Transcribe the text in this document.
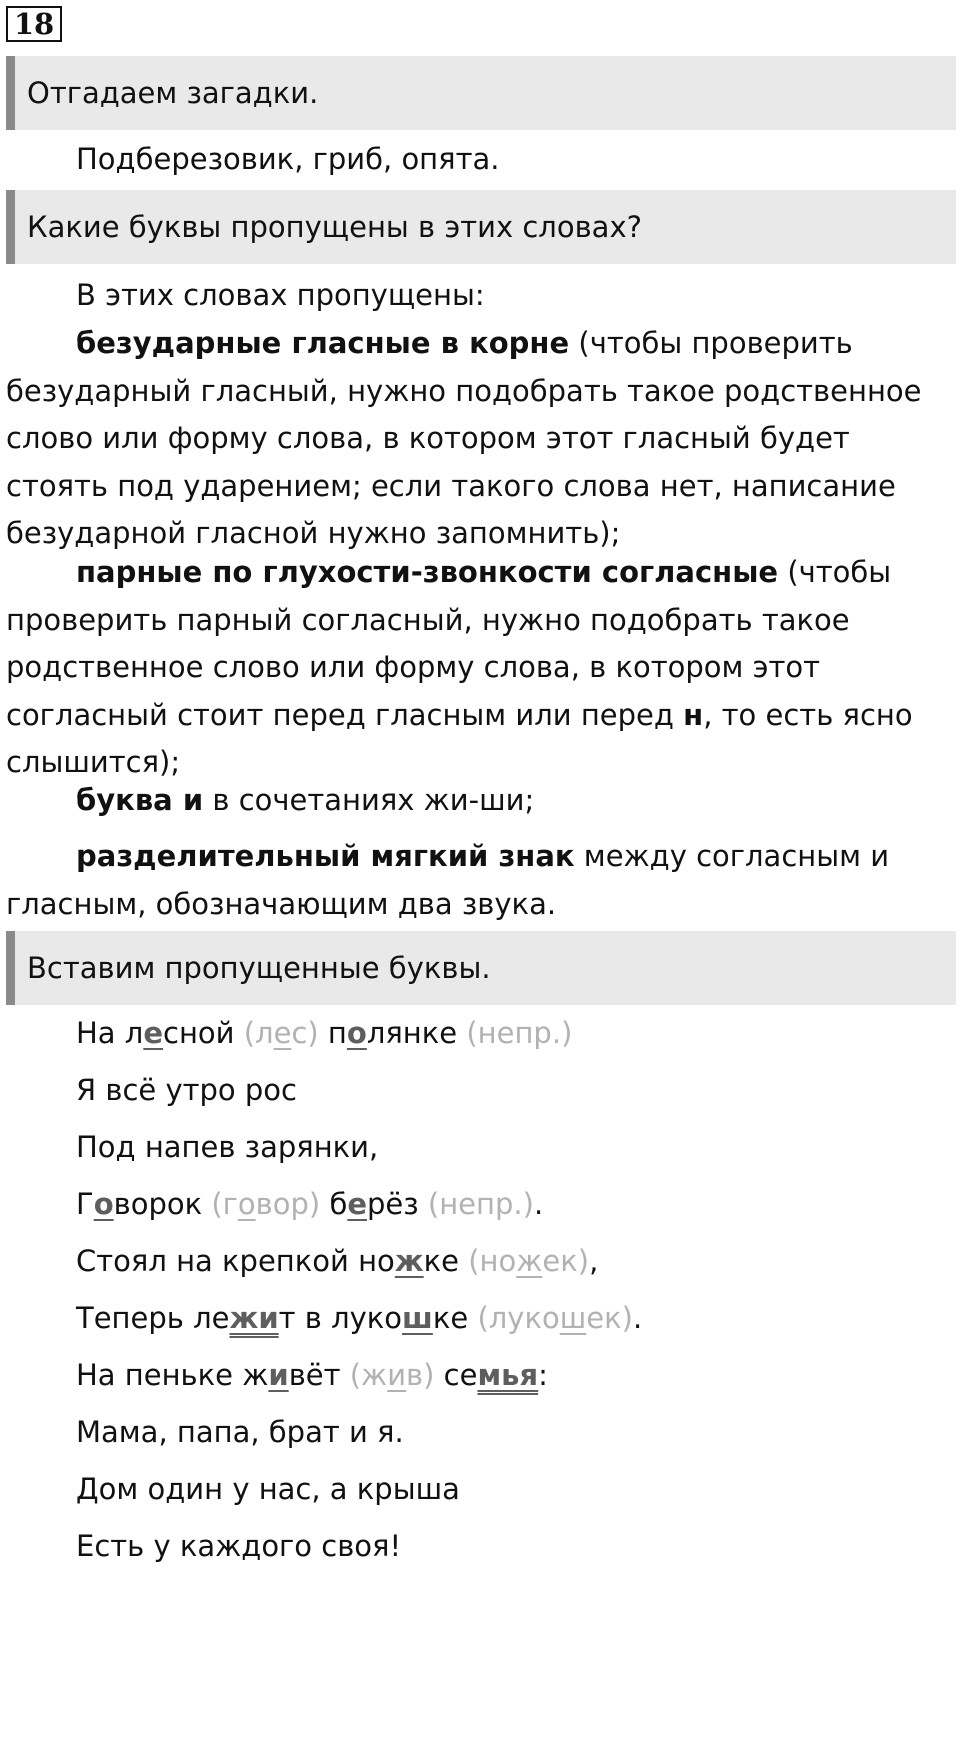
18
Отгадаем загадки.
Подберезовик, гриб, опята.
Какие буквы пропущены в этих словах?
В этих словах пропущены:
безударные гласные в корне (чтобы проверить безударный гласный, нужно подобрать такое родственное слово или форму слова, в котором этот гласный будет стоять под ударением; если такого слова нет, написание безударной гласной нужно запомнить);
парные по глухости-звонкости согласные (чтобы проверить парный согласный, нужно подобрать такое родственное слово или форму слова, в котором этот согласный стоит перед гласным или перед н, то есть ясно слышится);
буква и в сочетаниях жи-ши;
разделительный мягкий знак между согласным и гласным, обозначающим два звука.
Вставим пропущенные буквы.
На лесной (лес) полянке (непр.)
Я всё утро рос
Под напев зарянки,
Говорок (говор) берёз (непр.).
Стоял на крепкой ножке (ножек),
Теперь лежит в лукошке (лукошек).
На пеньке живёт (жив) семья:
Мама, папа, брат и я.
Дом один у нас, а крыша
Есть у каждого своя!
